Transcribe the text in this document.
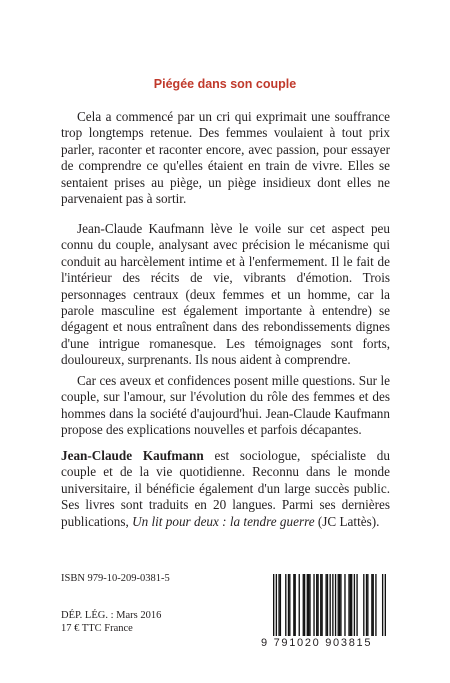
Piégée dans son couple

Cela a commencé par un cri qui exprimait une souffrance trop longtemps retenue. Des femmes voulaient à tout prix parler, raconter et raconter encore, avec passion, pour essayer de comprendre ce qu'elles étaient en train de vivre. Elles se sentaient prises au piège, un piège insidieux dont elles ne parvenaient pas à sortir.

Jean-Claude Kaufmann lève le voile sur cet aspect peu connu du couple, analysant avec précision le mécanisme qui conduit au harcèlement intime et à l'enfermement. Il le fait de l'intérieur des récits de vie, vibrants d'émotion. Trois personnages centraux (deux femmes et un homme, car la parole masculine est également importante à entendre) se dégagent et nous entraînent dans des rebondissements dignes d'une intrigue romanesque. Les témoignages sont forts, douloureux, surprenants. Ils nous aident à comprendre.

Car ces aveux et confidences posent mille questions. Sur le couple, sur l'amour, sur l'évolution du rôle des femmes et des hommes dans la société d'aujourd'hui. Jean-Claude Kaufmann propose des explications nouvelles et parfois décapantes.

Jean-Claude Kaufmann est sociologue, spécialiste du couple et de la vie quotidienne. Reconnu dans le monde universitaire, il bénéficie également d'un large succès public. Ses livres sont traduits en 20 langues. Parmi ses dernières publications, Un lit pour deux : la tendre guerre (JC Lattès).

ISBN 979-10-209-0381-5
DÉP. LÉG. : Mars 2016
17 € TTC France
9 791020 903815
